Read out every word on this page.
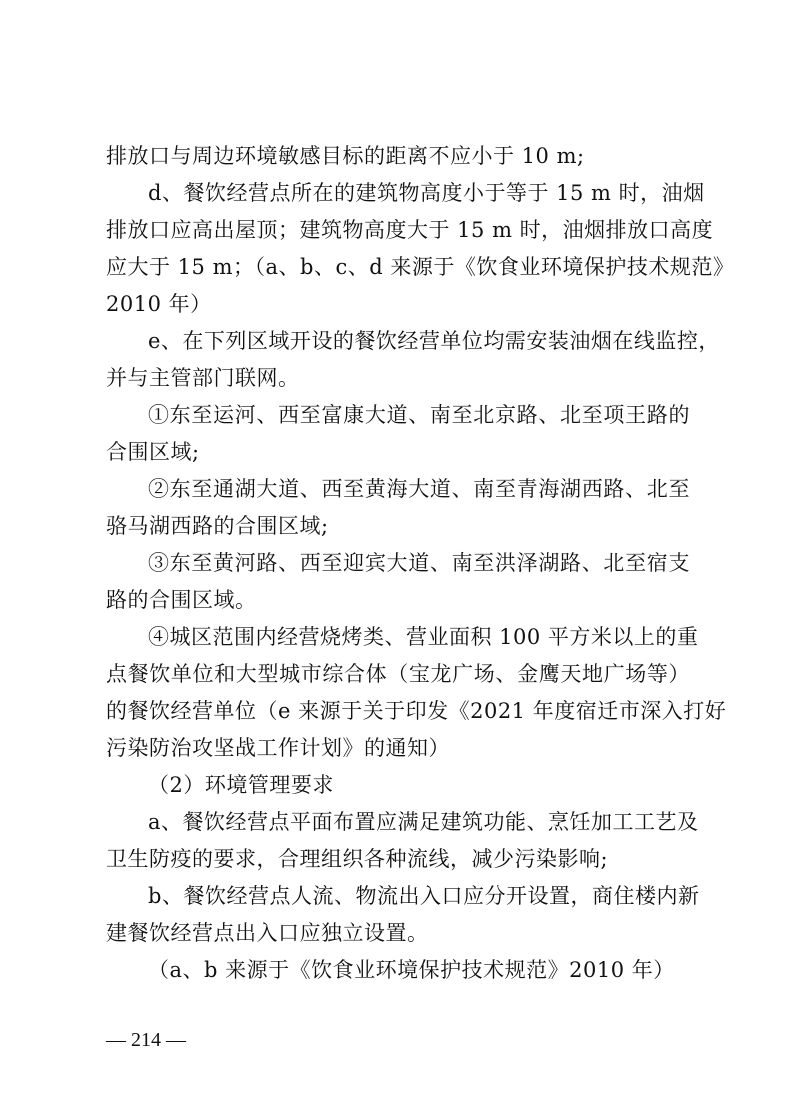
排放口与周边环境敏感目标的距离不应小于 10 m;
d、餐饮经营点所在的建筑物高度小于等于 15 m 时，油烟
排放口应高出屋顶；建筑物高度大于 15 m 时，油烟排放口高度
应大于 15 m；（a、b、c、d 来源于《饮食业环境保护技术规范》
2010 年）
e、在下列区域开设的餐饮经营单位均需安装油烟在线监控，
并与主管部门联网。
①东至运河、西至富康大道、南至北京路、北至项王路的
合围区域;
②东至通湖大道、西至黄海大道、南至青海湖西路、北至
骆马湖西路的合围区域;
③东至黄河路、西至迎宾大道、南至洪泽湖路、北至宿支
路的合围区域。
④城区范围内经营烧烤类、营业面积 100 平方米以上的重
点餐饮单位和大型城市综合体（宝龙广场、金鹰天地广场等）
的餐饮经营单位（e 来源于关于印发《2021 年度宿迁市深入打好
污染防治攻坚战工作计划》的通知）
（2）环境管理要求
a、餐饮经营点平面布置应满足建筑功能、烹饪加工工艺及
卫生防疫的要求，合理组织各种流线，减少污染影响;
b、餐饮经营点人流、物流出入口应分开设置，商住楼内新
建餐饮经营点出入口应独立设置。
（a、b 来源于《饮食业环境保护技术规范》2010 年）
— 214 —
